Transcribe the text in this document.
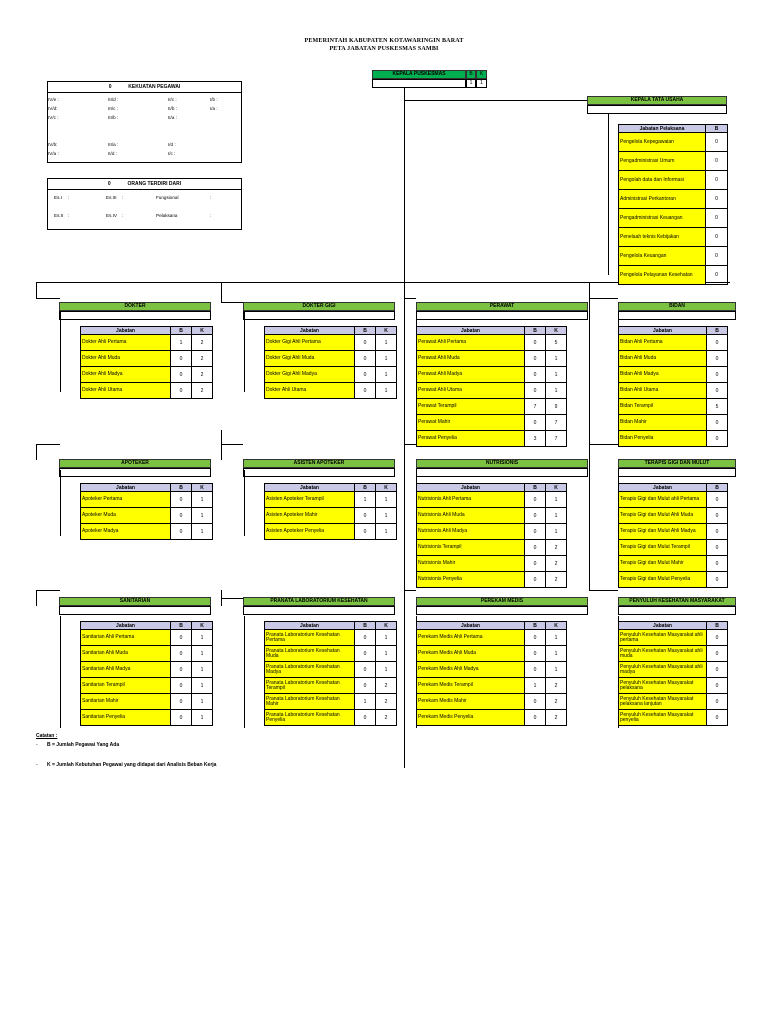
PEMERINTAH KABUPATEN KOTAWARINGIN BARAT
PETA JABATAN PUSKESMAS SAMBI
KEPALA PUSKESMAS	B	K
1	1
KEPALA TATA USAHA
Jabatan Pelaksana	B
Pengelola Kepegawaian	0
Pengadministrasi Umum	0
Pengolah data dan Informasi	0
Administrasi Perkantoran	0
Pengadministrasi Keuangan	0
Penelaah teknis Kebijakan	0
Pengelola Keuangan	0
Pengelola Pelayanan Kesehatan	0
0	KEKUATAN PEGAWAI
IV/e :	III/d :	II/c :	I/b :
IV/d:	III/c :	II/b :	I/a :
IV/c :	III/b :	II/a :
IV/b:	III/a :	I/d :
IV/a :	II/d :	I/c :
0	ORANG TERDIRI DARI
Es.I :	Es.III :	Fungsional	:
Es.II :	Es.IV :	Pelaksana	:
DOKTER
Jabatan	B	K
Dokter Ahli Pertama	1	2
Dokter Ahli Muda	0	2
Dokter Ahli Madya	0	2
Dokter Ahli Utama	0	2
DOKTER GIGI
Jabatan	B	K
Dokter Gigi Ahli Pertama	0	1
Dokter Gigi Ahli Muda	0	1
Dokter Gigi Ahli Madya	0	1
Dokter Ahli Utama	0	1
PERAWAT
Jabatan	B	K
Perawat Ahli Pertama	0	5
Perawat Ahli Muda	0	1
Perawat Ahli Madya	0	1
Perawat Ahli Utama	0	1
Perawat Terampil	7	9
Perawat Mahir	0	7
Perawat Penyelia	3	7
BIDAN
Jabatan	B
Bidan Ahli Pertama	0
Bidan Ahli Muda	0
Bidan Ahli Madya	0
Bidan Ahli Utama	0
Bidan Terampil	5
Bidan Mahir	0
Bidan Penyelia	0
APOTEKER
Jabatan	B	K
Apoteker Pertama	0	1
Apoteker Muda	0	1
Apoteker Madya	0	1
ASISTEN APOTEKER
Jabatan	B	K
Asisten Apoteker Terampil	1	1
Asisten Apoteker Mahir	0	1
Asisten Apoteker Penyelia	0	1
NUTRISIONIS
Jabatan	B	K
Nutrisionis Ahli Pertama	0	1
Nutrisionis Ahli Muda	0	1
Nutrisionis Ahli Madya	0	1
Nutrisionis Terampil	0	2
Nutrisionis Mahir	0	2
Nutrisionis Penyelia	0	2
TERAPIS GIGI DAN MULUT
Jabatan	B
Terapis Gigi dan Mulut ahli Pertama	0
Terapis Gigi dan Mulut Ahli Muda	0
Terapis Gigi dan Mulut Ahli Madya	0
Terapis Gigi dan Mulut Terampil	0
Terapis Gigi dan Mulut Mahir	0
Terapis Gigi dan Mulut Penyelia	0
SANITARIAN
Jabatan	B	K
Sanitarian Ahli Pertama	0	1
Sanitarian Ahli Muda	0	1
Sanitarian Ahli Madya	0	1
Sanitarian Terampil	0	1
Sanitarian Mahir	0	1
Sanitarian Penyelia	0	1
PRANATA LABORATORIUM KESEHATAN
Jabatan	B	K
Pranata Laboratorium Kesehatan Pertama	0	1
Pranata Laboratorium Kesehatan Muda	0	1
Pranata Laboratorium Kesehatan Madya	0	1
Pranata Laboratorium Kesehatan Terampil	0	2
Pranata Laboratorium Kesehatan Mahir	1	2
Pranata Laboratorium Kesehatan Penyelia	0	2
PEREKAM MEDIS
Jabatan	B	K
Perekam Medis Ahli Pertama	0	1
Perekam Medis Ahli Muda	0	1
Perekam Medis Ahli Madya	0	1
Perekam Medis Terampil	1	2
Perekam Medis Mahir	0	2
Perekam Medis Penyelia	0	2
PENYULUH KESEHATAN MASYARAKAT
Jabatan	B
Penyuluh Kesehatan Masyarakat ahli pertama	0
Penyuluh Kesehatan Masyarakat ahli muda	0
Penyuluh Kesehatan Masyarakat ahli madya	0
Penyuluh Kesehatan Masyarakat pelaksana	0
Penyuluh Kesehatan Masyarakat pelaksana lanjutan	0
Penyuluh Kesehatan Masyarakat penyelia	0
Catatan :
- B = Jumlah Pegawai Yang Ada
- K = Jumlah Kebutuhan Pegawai yang didapat dari Analisis Beban Kerja
